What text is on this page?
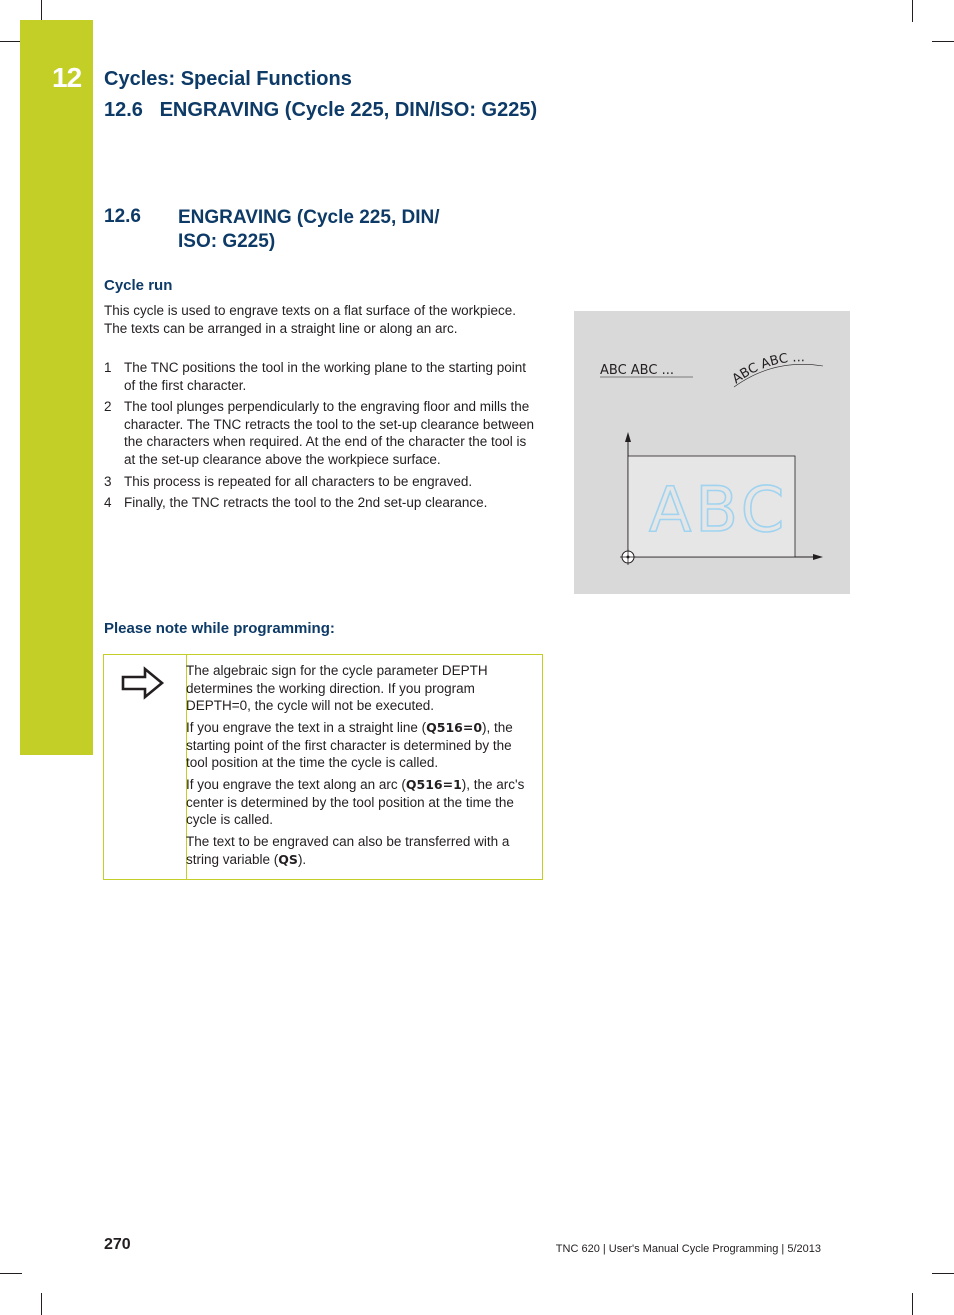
12 Cycles: Special Functions
12.6   ENGRAVING (Cycle 225, DIN/ISO: G225)
12.6 ENGRAVING (Cycle 225, DIN/
ISO: G225)
Cycle run
This cycle is used to engrave texts on a flat surface of the workpiece. The texts can be arranged in a straight line or along an arc.
1 The TNC positions the tool in the working plane to the starting point of the first character.
2 The tool plunges perpendicularly to the engraving floor and mills the character. The TNC retracts the tool to the set-up clearance between the characters when required. At the end of the character the tool is at the set-up clearance above the workpiece surface.
3 This process is repeated for all characters to be engraved.
4 Finally, the TNC retracts the tool to the 2nd set-up clearance.
ABC ABC ...	ABC ABC ...
ABC
Please note while programming:
The algebraic sign for the cycle parameter DEPTH determines the working direction. If you program DEPTH=0, the cycle will not be executed.
If you engrave the text in a straight line (Q516=0), the starting point of the first character is determined by the tool position at the time the cycle is called.
If you engrave the text along an arc (Q516=1), the arc's center is determined by the tool position at the time the cycle is called.
The text to be engraved can also be transferred with a string variable (QS).
270	TNC 620 | User's Manual Cycle Programming | 5/2013
